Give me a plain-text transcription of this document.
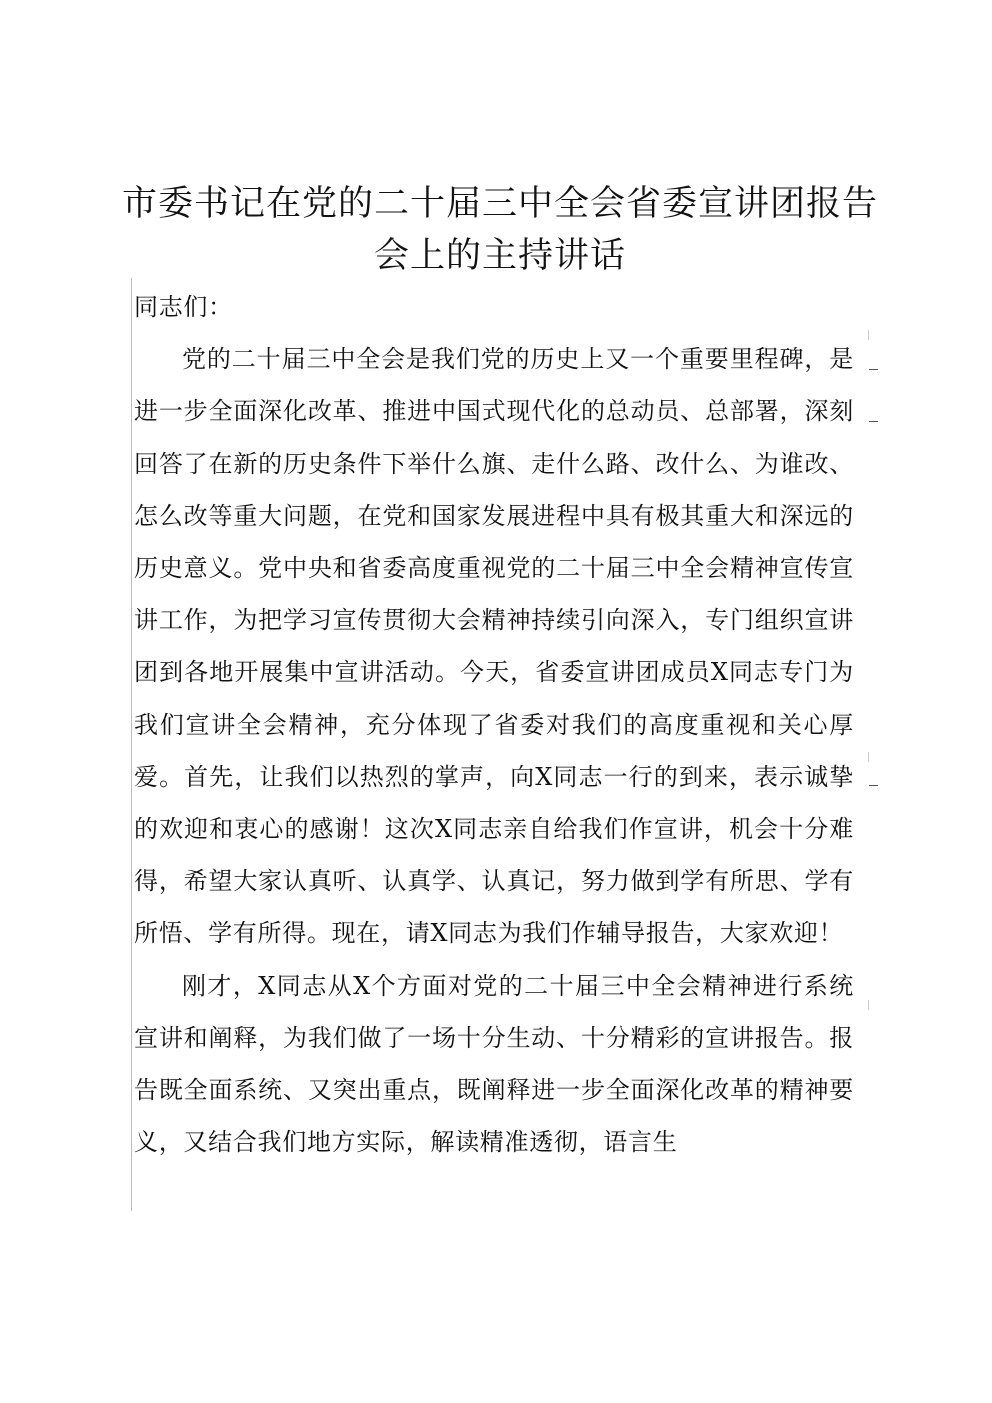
市委书记在党的二十届三中全会省委宣讲团报告会上的主持讲话

同志们：

党的二十届三中全会是我们党的历史上又一个重要里程碑，是进一步全面深化改革、推进中国式现代化的总动员、总部署，深刻回答了在新的历史条件下举什么旗、走什么路、改什么、为谁改、怎么改等重大问题，在党和国家发展进程中具有极其重大和深远的历史意义。党中央和省委高度重视党的二十届三中全会精神宣传宣讲工作，为把学习宣传贯彻大会精神持续引向深入，专门组织宣讲团到各地开展集中宣讲活动。今天，省委宣讲团成员X同志专门为我们宣讲全会精神，充分体现了省委对我们的高度重视和关心厚爱。首先，让我们以热烈的掌声，向X同志一行的到来，表示诚挚的欢迎和衷心的感谢！这次X同志亲自给我们作宣讲，机会十分难得，希望大家认真听、认真学、认真记，努力做到学有所思、学有所悟、学有所得。现在，请X同志为我们作辅导报告，大家欢迎！

刚才，X同志从X个方面对党的二十届三中全会精神进行系统宣讲和阐释，为我们做了一场十分生动、十分精彩的宣讲报告。报告既全面系统、又突出重点，既阐释进一步全面深化改革的精神要义，又结合我们地方实际，解读精准透彻，语言生
